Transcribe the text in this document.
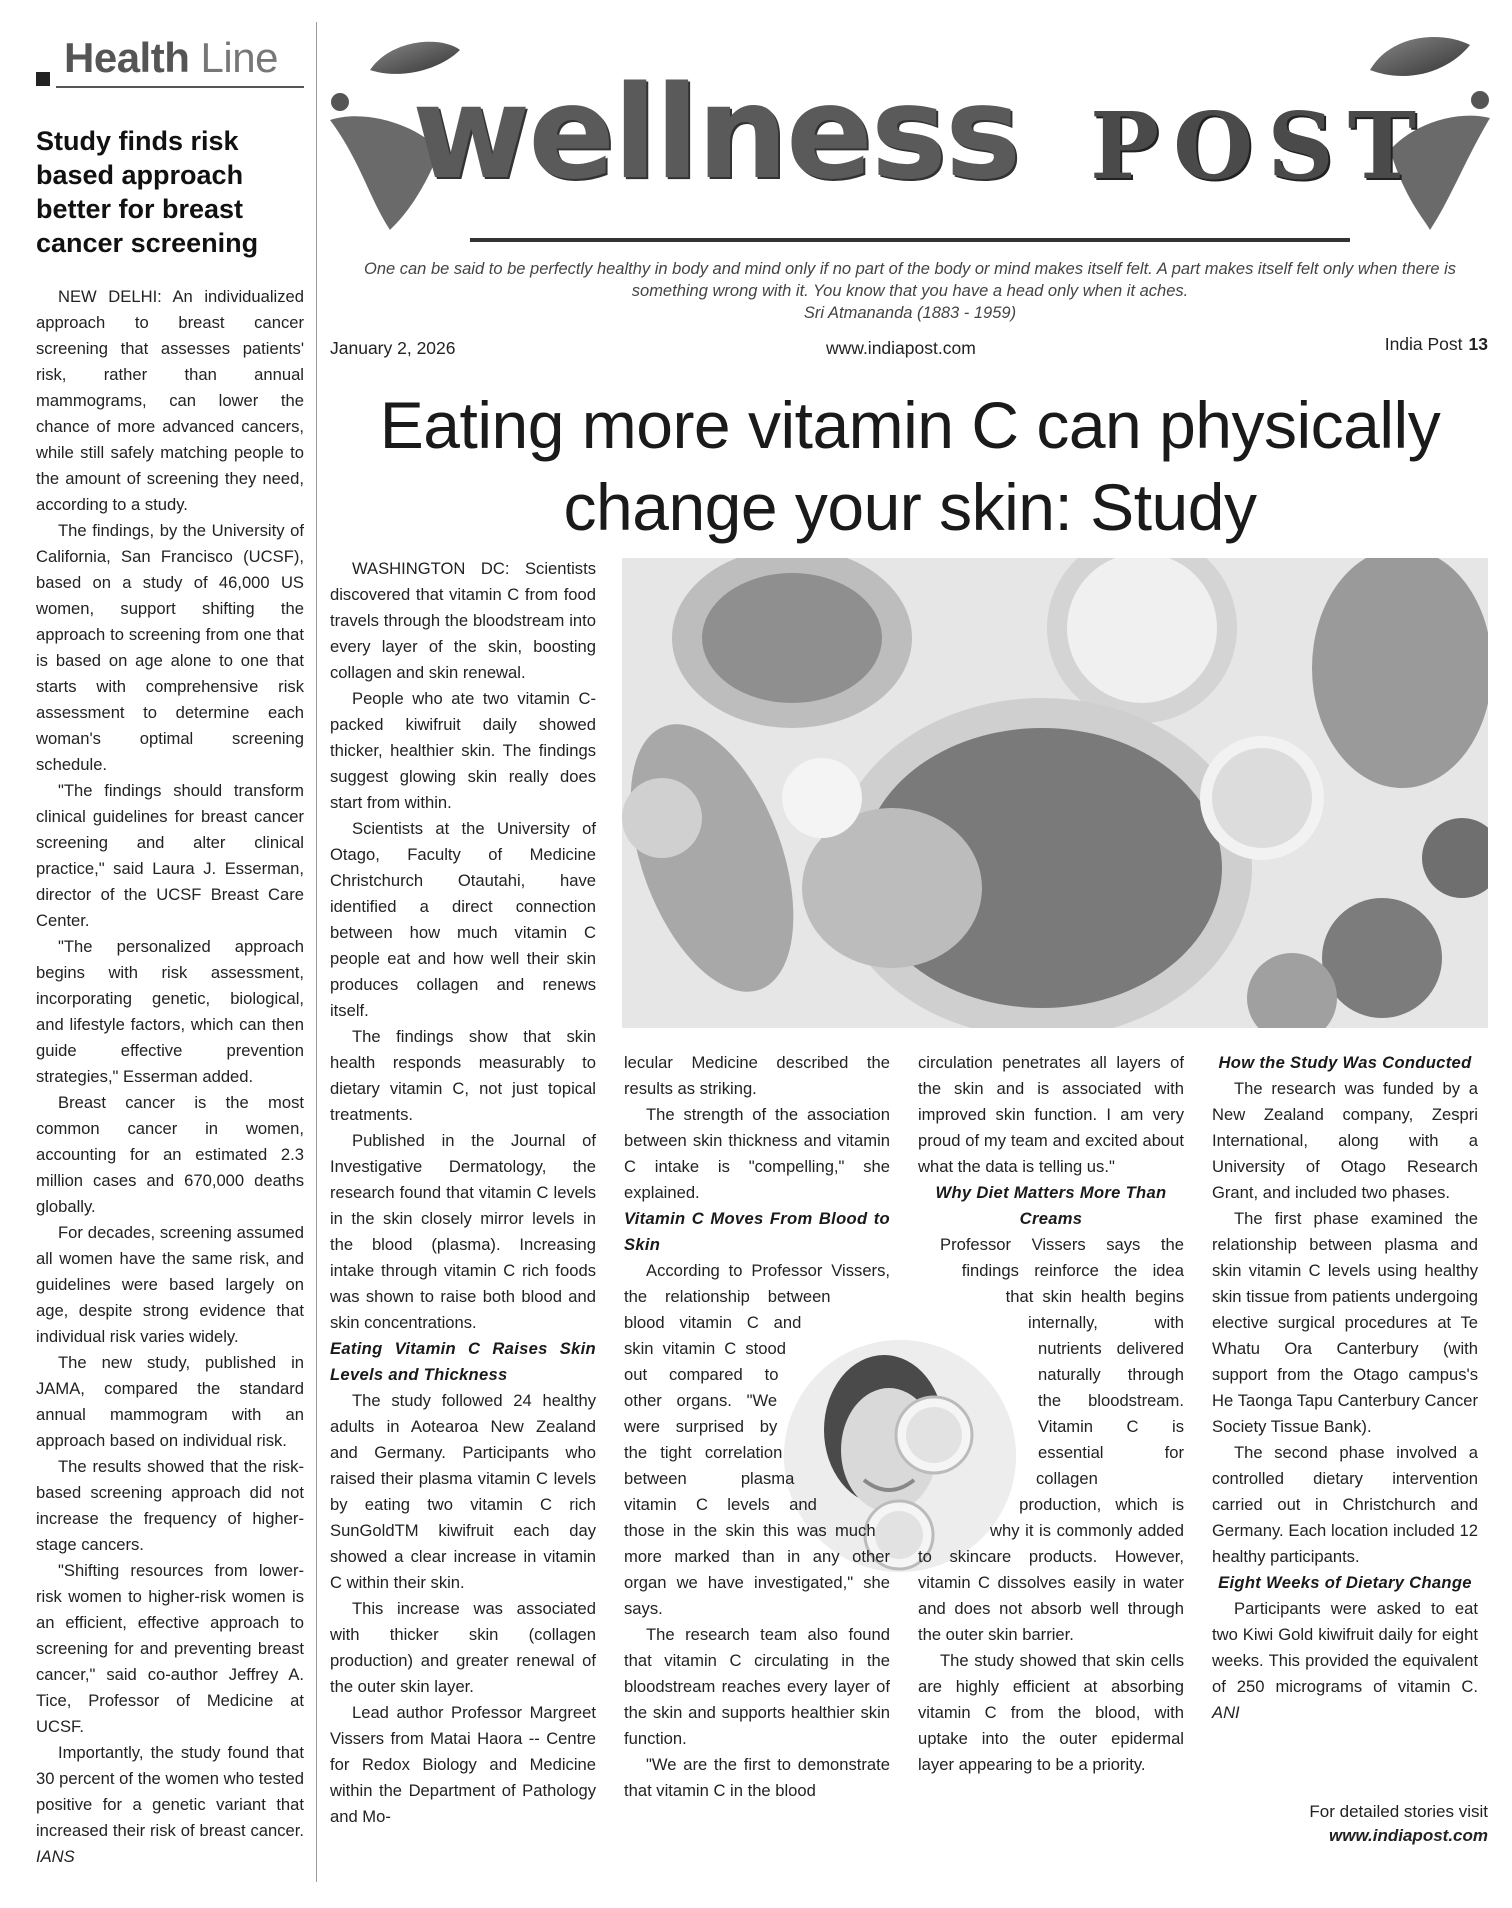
Health Line
Study finds risk based approach better for breast cancer screening

NEW DELHI: An individualized approach to breast cancer screening that assesses patients' risk, rather than annual mammograms, can lower the chance of more advanced cancers, while still safely matching people to the amount of screening they need, according to a study.

The findings, by the University of California, San Francisco (UCSF), based on a study of 46,000 US women, support shifting the approach to screening from one that is based on age alone to one that starts with comprehensive risk assessment to determine each woman's optimal screening schedule.

"The findings should transform clinical guidelines for breast cancer screening and alter clinical practice," said Laura J. Esserman, director of the UCSF Breast Care Center.

"The personalized approach begins with risk assessment, incorporating genetic, biological, and lifestyle factors, which can then guide effective prevention strategies," Esserman added.

Breast cancer is the most common cancer in women, accounting for an estimated 2.3 million cases and 670,000 deaths globally.

For decades, screening assumed all women have the same risk, and guidelines were based largely on age, despite strong evidence that individual risk varies widely.

The new study, published in JAMA, compared the standard annual mammogram with an approach based on individual risk.

The results showed that the risk-based screening approach did not increase the frequency of higher-stage cancers.

"Shifting resources from lower-risk women to higher-risk women is an efficient, effective approach to screening for and preventing breast cancer," said co-author Jeffrey A. Tice, Professor of Medicine at UCSF.

Importantly, the study found that 30 percent of the women who tested positive for a genetic variant that increased their risk of breast cancer. IANS

wellness POST
One can be said to be perfectly healthy in body and mind only if no part of the body or mind makes itself felt. A part makes itself felt only when there is something wrong with it. You know that you have a head only when it aches.
Sri Atmananda (1883 - 1959)
January 2, 2026	www.indiapost.com	India Post 13
Eating more vitamin C can physically change your skin: Study

WASHINGTON DC: Scientists discovered that vitamin C from food travels through the bloodstream into every layer of the skin, boosting collagen and skin renewal.

People who ate two vitamin C-packed kiwifruit daily showed thicker, healthier skin. The findings suggest glowing skin really does start from within.

Scientists at the University of Otago, Faculty of Medicine Christchurch Otautahi, have identified a direct connection between how much vitamin C people eat and how well their skin produces collagen and renews itself.

The findings show that skin health responds measurably to dietary vitamin C, not just topical treatments.

Published in the Journal of Investigative Dermatology, the research found that vitamin C levels in the skin closely mirror levels in the blood (plasma). Increasing intake through vitamin C rich foods was shown to raise both blood and skin concentrations.

Eating Vitamin C Raises Skin Levels and Thickness

The study followed 24 healthy adults in Aotearoa New Zealand and Germany. Participants who raised their plasma vitamin C levels by eating two vitamin C rich SunGoldTM kiwifruit each day showed a clear increase in vitamin C within their skin.

This increase was associated with thicker skin (collagen production) and greater renewal of the outer skin layer.

Lead author Professor Margreet Vissers from Matai Haora -- Centre for Redox Biology and Medicine within the Department of Pathology and Mo-

lecular Medicine described the results as striking.

The strength of the association between skin thickness and vitamin C intake is "compelling," she explained.

Vitamin C Moves From Blood to Skin

According to Professor Vissers, the relationship between blood vitamin C and skin vitamin C stood out compared to other organs. "We were surprised by the tight correlation between plasma vitamin C levels and those in the skin this was much more marked than in any other organ we have investigated," she says.

The research team also found that vitamin C circulating in the bloodstream reaches every layer of the skin and supports healthier skin function.

"We are the first to demonstrate that vitamin C in the blood

circulation penetrates all layers of the skin and is associated with improved skin function. I am very proud of my team and excited about what the data is telling us."

Why Diet Matters More Than Creams

Professor Vissers says the findings reinforce the idea that skin health begins internally, with nutrients delivered naturally through the bloodstream. Vitamin C is essential for collagen production, which is why it is commonly added to skincare products. However, vitamin C dissolves easily in water and does not absorb well through the outer skin barrier.

The study showed that skin cells are highly efficient at absorbing vitamin C from the blood, with uptake into the outer epidermal layer appearing to be a priority.

How the Study Was Conducted

The research was funded by a New Zealand company, Zespri International, along with a University of Otago Research Grant, and included two phases.

The first phase examined the relationship between plasma and skin vitamin C levels using healthy skin tissue from patients undergoing elective surgical procedures at Te Whatu Ora Canterbury (with support from the Otago campus's He Taonga Tapu Canterbury Cancer Society Tissue Bank).

The second phase involved a controlled dietary intervention carried out in Christchurch and Germany. Each location included 12 healthy participants.

Eight Weeks of Dietary Change

Participants were asked to eat two Kiwi Gold kiwifruit daily for eight weeks. This provided the equivalent of 250 micrograms of vitamin C. ANI

For detailed stories visit
www.indiapost.com
